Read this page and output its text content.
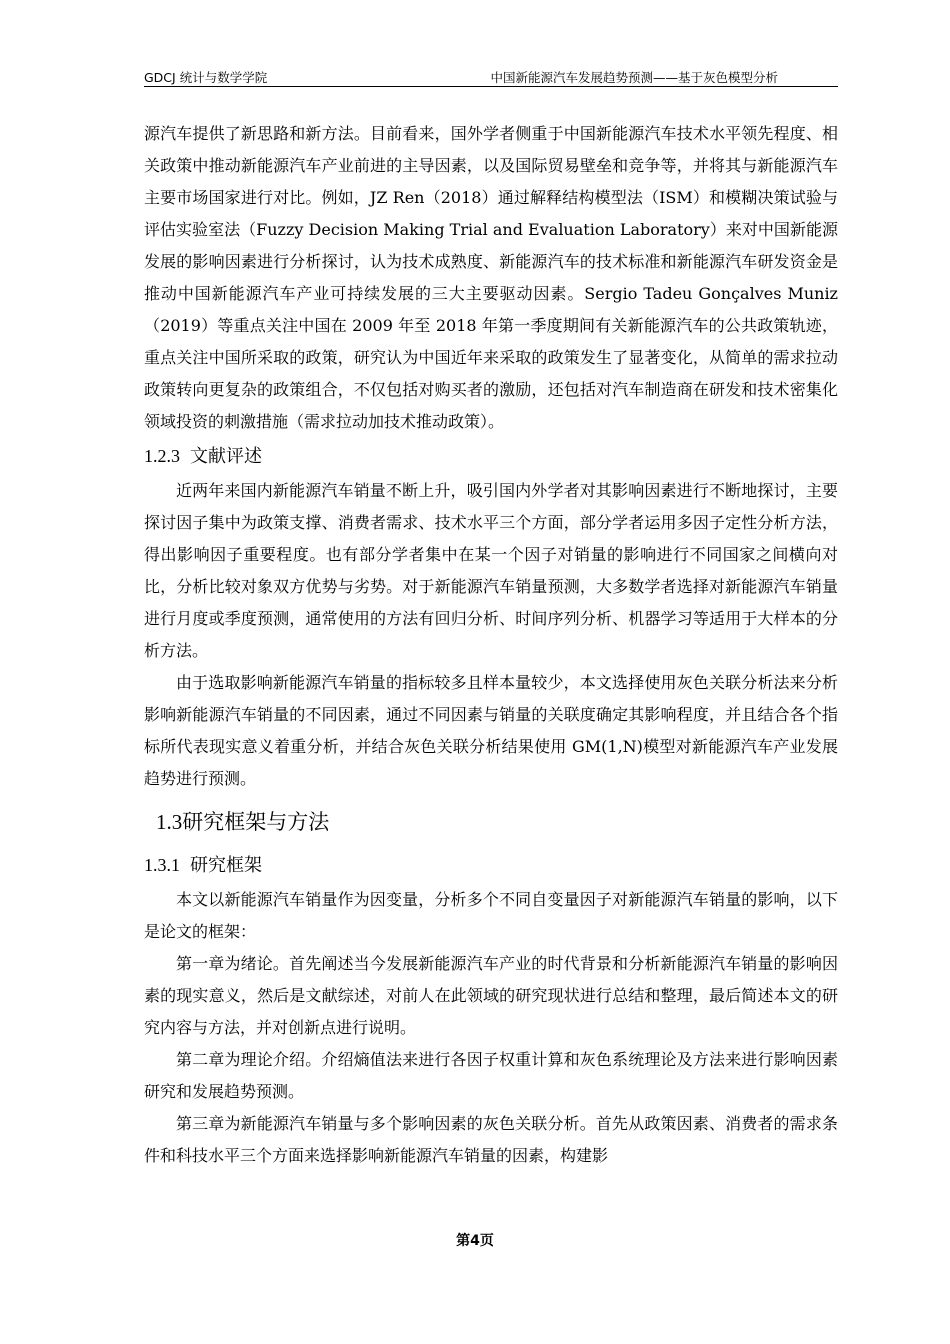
GDCJ 统计与数学学院	中国新能源汽车发展趋势预测——基于灰色模型分析

源汽车提供了新思路和新方法。目前看来，国外学者侧重于中国新能源汽车技术水平领先程度、相关政策中推动新能源汽车产业前进的主导因素，以及国际贸易壁垒和竞争等，并将其与新能源汽车主要市场国家进行对比。例如，JZ Ren（2018）通过解释结构模型法（ISM）和模糊决策试验与评估实验室法（Fuzzy Decision Making Trial and Evaluation Laboratory）来对中国新能源发展的影响因素进行分析探讨，认为技术成熟度、新能源汽车的技术标准和新能源汽车研发资金是推动中国新能源汽车产业可持续发展的三大主要驱动因素。Sergio Tadeu Gonçalves Muniz（2019）等重点关注中国在 2009 年至 2018 年第一季度期间有关新能源汽车的公共政策轨迹，重点关注中国所采取的政策，研究认为中国近年来采取的政策发生了显著变化，从简单的需求拉动政策转向更复杂的政策组合，不仅包括对购买者的激励，还包括对汽车制造商在研发和技术密集化领域投资的刺激措施（需求拉动加技术推动政策）。

1.2.3 文献评述

近两年来国内新能源汽车销量不断上升，吸引国内外学者对其影响因素进行不断地探讨，主要探讨因子集中为政策支撑、消费者需求、技术水平三个方面，部分学者运用多因子定性分析方法，得出影响因子重要程度。也有部分学者集中在某一个因子对销量的影响进行不同国家之间横向对比，分析比较对象双方优势与劣势。对于新能源汽车销量预测，大多数学者选择对新能源汽车销量进行月度或季度预测，通常使用的方法有回归分析、时间序列分析、机器学习等适用于大样本的分析方法。

由于选取影响新能源汽车销量的指标较多且样本量较少，本文选择使用灰色关联分析法来分析影响新能源汽车销量的不同因素，通过不同因素与销量的关联度确定其影响程度，并且结合各个指标所代表现实意义着重分析，并结合灰色关联分析结果使用 GM(1,N)模型对新能源汽车产业发展趋势进行预测。

1.3研究框架与方法
1.3.1 研究框架

本文以新能源汽车销量作为因变量，分析多个不同自变量因子对新能源汽车销量的影响，以下是论文的框架：

第一章为绪论。首先阐述当今发展新能源汽车产业的时代背景和分析新能源汽车销量的影响因素的现实意义，然后是文献综述，对前人在此领域的研究现状进行总结和整理，最后简述本文的研究内容与方法，并对创新点进行说明。

第二章为理论介绍。介绍熵值法来进行各因子权重计算和灰色系统理论及方法来进行影响因素研究和发展趋势预测。

第三章为新能源汽车销量与多个影响因素的灰色关联分析。首先从政策因素、消费者的需求条件和科技水平三个方面来选择影响新能源汽车销量的因素，构建影

第4页
